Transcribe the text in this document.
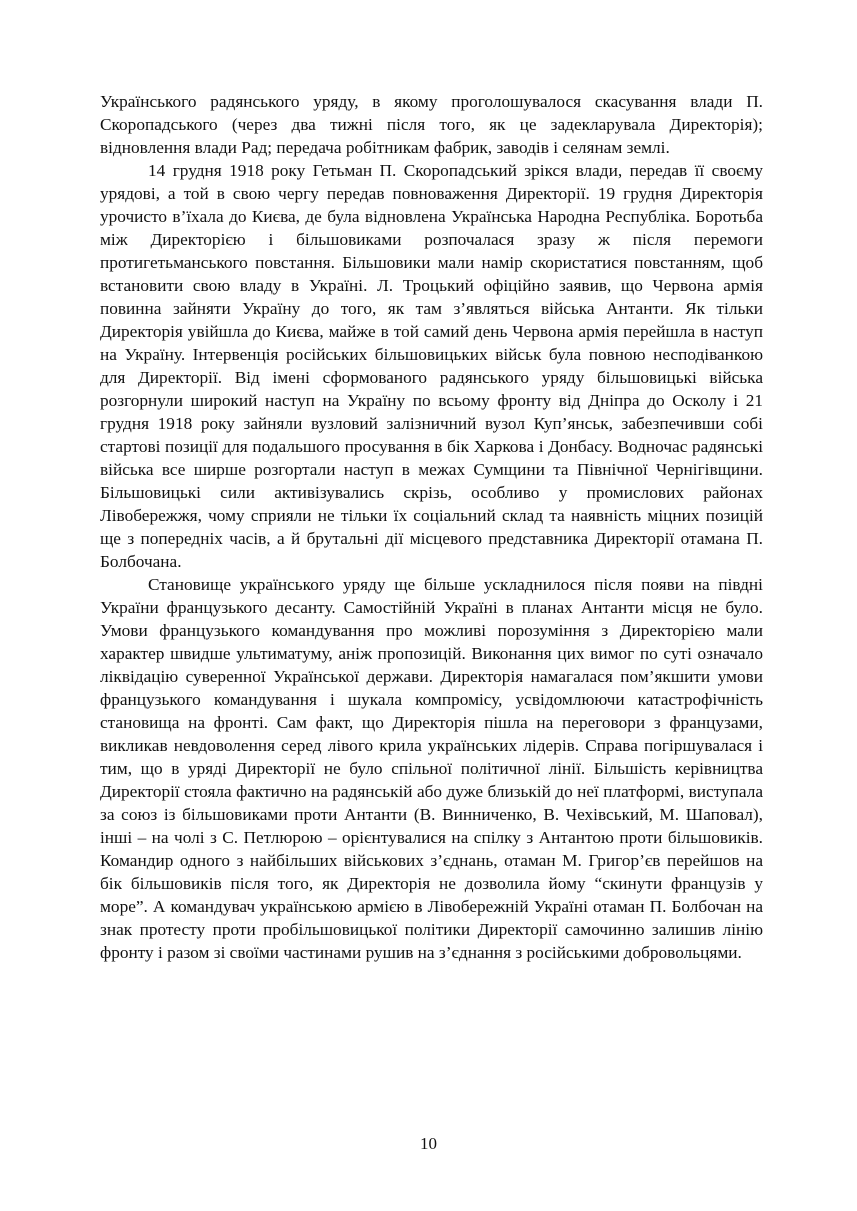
Українського радянського уряду, в якому проголошувалося скасування влади П. Скоропадського (через два тижні після того, як це задекларувала Директорія); відновлення влади Рад; передача робітникам фабрик, заводів і селянам землі.

14 грудня 1918 року Гетьман П. Скоропадський зрікся влади, передав її своєму урядові, а той в свою чергу передав повноваження Директорії. 19 грудня Директорія урочисто в’їхала до Києва, де була відновлена Українська Народна Республіка. Боротьба між Директорією і більшовиками розпочалася зразу ж після перемоги протигетьманського повстання. Більшовики мали намір скористатися повстанням, щоб встановити свою владу в Україні. Л. Троцький офіційно заявив, що Червона армія повинна зайняти Україну до того, як там з’являться війська Антанти. Як тільки Директорія увійшла до Києва, майже в той самий день Червона армія перейшла в наступ на Україну. Інтервенція російських більшовицьких військ була повною несподіванкою для Директорії. Від імені сформованого радянського уряду більшовицькі війська розгорнули широкий наступ на Україну по всьому фронту від Дніпра до Осколу і 21 грудня 1918 року зайняли вузловий залізничний вузол Куп’янськ, забезпечивши собі стартові позиції для подальшого просування в бік Харкова і Донбасу. Водночас радянські війська все ширше розгортали наступ в межах Сумщини та Північної Чернігівщини. Більшовицькі сили активізувались скрізь, особливо у промислових районах Лівобережжя, чому сприяли не тільки їх соціальний склад та наявність міцних позицій ще з попередніх часів, а й брутальні дії місцевого представника Директорії отамана П. Болбочана.

Становище українського уряду ще більше ускладнилося після появи на півдні України французького десанту. Самостійній Україні в планах Антанти місця не було. Умови французького командування про можливі порозуміння з Директорією мали характер швидше ультиматуму, аніж пропозицій. Виконання цих вимог по суті означало ліквідацію суверенної Української держави. Директорія намагалася пом’якшити умови французького командування і шукала компромісу, усвідомлюючи катастрофічність становища на фронті. Сам факт, що Директорія пішла на переговори з французами, викликав невдоволення серед лівого крила українських лідерів. Справа погіршувалася і тим, що в уряді Директорії не було спільної політичної лінії. Більшість керівництва Директорії стояла фактично на радянській або дуже близькій до неї платформі, виступала за союз із більшовиками проти Антанти (В. Винниченко, В. Чехівський, М. Шаповал), інші – на чолі з С. Петлюрою – орієнтувалися на спілку з Антантою проти більшовиків. Командир одного з найбільших військових з’єднань, отаман М. Григор’єв перейшов на бік більшовиків після того, як Директорія не дозволила йому “скинути французів у море”. А командувач українською армією в Лівобережній Україні отаман П. Болбочан на знак протесту проти пробільшовицької політики Директорії самочинно залишив лінію фронту і разом зі своїми частинами рушив на з’єднання з російськими добровольцями.

10
